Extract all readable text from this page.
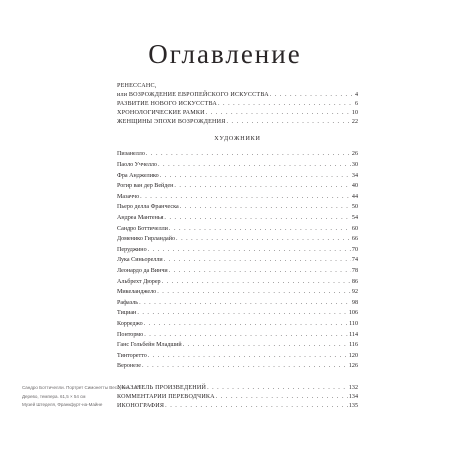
Оглавление
РЕНЕССАНС,
или ВОЗРОЖДЕНИЕ ЕВРОПЕЙСКОГО ИСКУССТВА . . .	4
РАЗВИТИЕ НОВОГО ИСКУССТВА . . .	6
ХРОНОЛОГИЧЕСКИЕ РАМКИ . . .	10
ЖЕНЩИНЫ ЭПОХИ ВОЗРОЖДЕНИЯ . . .	22
ХУДОЖНИКИ
Пизанелло . . .	26
Паоло Уччелло . . .	30
Фра Анджелико . . .	34
Рогир ван дер Вейден . . .	40
Мазаччо . . .	44
Пьеро делла Франческа . . .	50
Андреа Мантенья . . .	54
Сандро Боттичелли . . .	60
Доменико Гирландайо . . .	66
Перуджино . . .	70
Лука Синьорелли . . .	74
Леонардо да Винчи . . .	78
Альбрехт Дюрер . . .	86
Микеланджело . . .	92
Рафаэль . . .	98
Тициан . . .	106
Корреджо . . .	110
Понтормо . . .	114
Ганс Гольбейн Младший . . .	116
Тинторетто . . .	120
Веронезе . . .	126
УКАЗАТЕЛЬ ПРОИЗВЕДЕНИЙ . . .	132
КОММЕНТАРИИ ПЕРЕВОДЧИКА . . .	134
ИКОНОГРАФИЯ . . .	135
Сандро Боттичелли. Портрет Симонетты Веспуччи. 1475
Дерево, темпера. 61,5 × 54 см
Музей Штеделя, Франкфурт-на-Майне
